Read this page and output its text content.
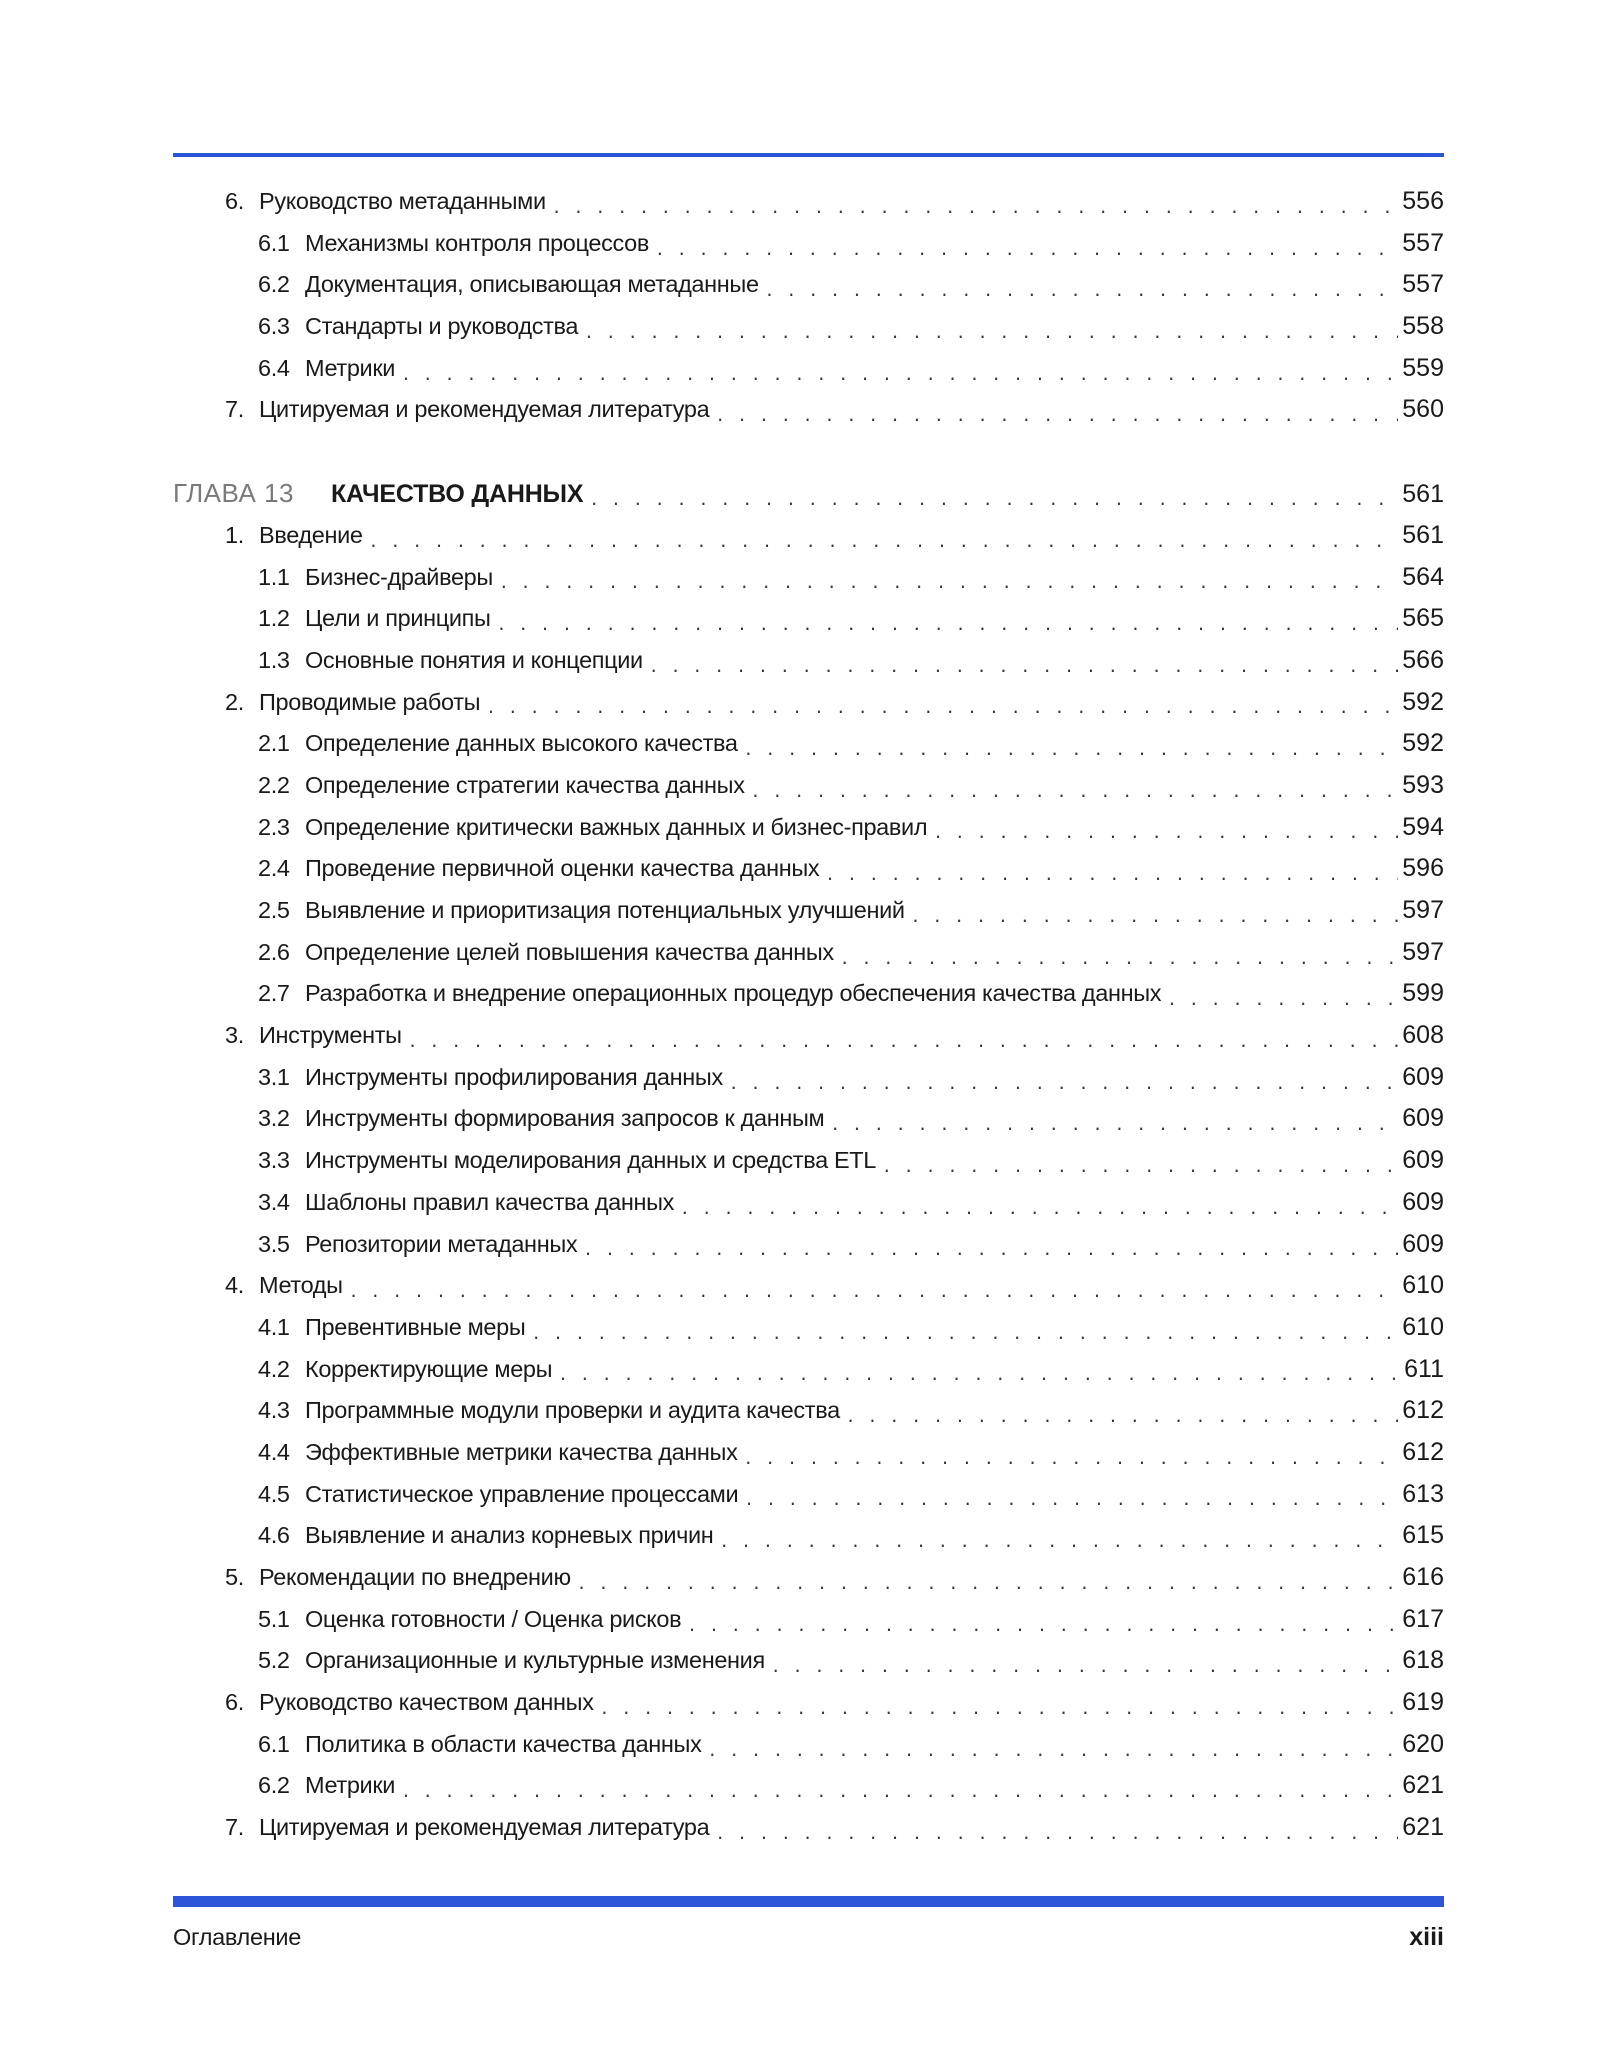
6. Руководство метаданными . . .	556
6.1 Механизмы контроля процессов . . .	557
6.2 Документация, описывающая метаданные . . .	557
6.3 Стандарты и руководства . . .	558
6.4 Метрики . . .	559
7. Цитируемая и рекомендуемая литература . . .	560
ГЛАВА 13	КАЧЕСТВО ДАННЫХ . . .	561
1. Введение . . .	561
1.1 Бизнес-драйверы . . .	564
1.2 Цели и принципы . . .	565
1.3 Основные понятия и концепции . . .	566
2. Проводимые работы . . .	592
2.1 Определение данных высокого качества . . .	592
2.2 Определение стратегии качества данных . . .	593
2.3 Определение критически важных данных и бизнес-правил . . .	594
2.4 Проведение первичной оценки качества данных . . .	596
2.5 Выявление и приоритизация потенциальных улучшений . . .	597
2.6 Определение целей повышения качества данных . . .	597
2.7 Разработка и внедрение операционных процедур обеспечения качества данных . . .	599
3. Инструменты . . .	608
3.1 Инструменты профилирования данных . . .	609
3.2 Инструменты формирования запросов к данным . . .	609
3.3 Инструменты моделирования данных и средства ETL . . .	609
3.4 Шаблоны правил качества данных . . .	609
3.5 Репозитории метаданных . . .	609
4. Методы . . .	610
4.1 Превентивные меры . . .	610
4.2 Корректирующие меры . . .	611
4.3 Программные модули проверки и аудита качества . . .	612
4.4 Эффективные метрики качества данных . . .	612
4.5 Статистическое управление процессами . . .	613
4.6 Выявление и анализ корневых причин . . .	615
5. Рекомендации по внедрению . . .	616
5.1 Оценка готовности / Оценка рисков . . .	617
5.2 Организационные и культурные изменения . . .	618
6. Руководство качеством данных . . .	619
6.1 Политика в области качества данных . . .	620
6.2 Метрики . . .	621
7. Цитируемая и рекомендуемая литература . . .	621
Оглавление	xiii
